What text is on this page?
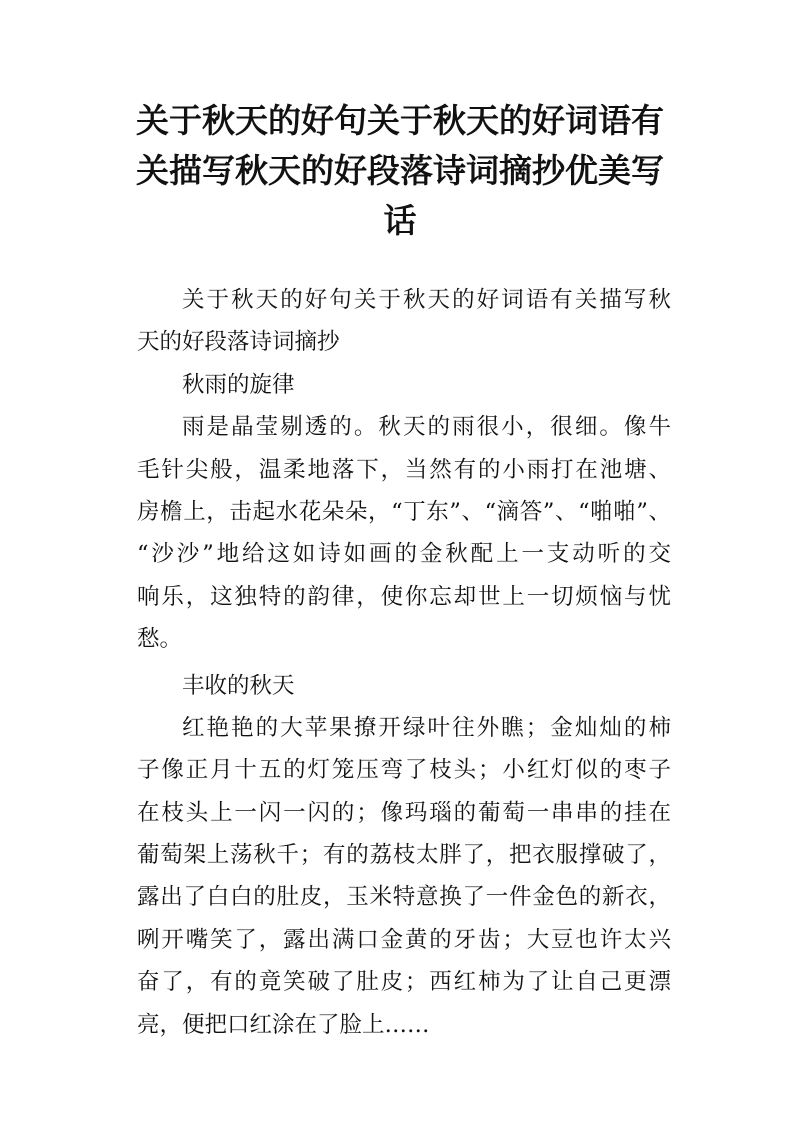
关于秋天的好句关于秋天的好词语有
关描写秋天的好段落诗词摘抄优美写
话
关于秋天的好句关于秋天的好词语有关描写秋
天的好段落诗词摘抄
秋雨的旋律
雨是晶莹剔透的。秋天的雨很小，很细。像牛
毛针尖般，温柔地落下，当然有的小雨打在池塘、
房檐上，击起水花朵朵，“丁东”、“滴答”、“啪啪”、
“沙沙”地给这如诗如画的金秋配上一支动听的交
响乐，这独特的韵律，使你忘却世上一切烦恼与忧
愁。
丰收的秋天
红艳艳的大苹果撩开绿叶往外瞧；金灿灿的柿
子像正月十五的灯笼压弯了枝头；小红灯似的枣子
在枝头上一闪一闪的；像玛瑙的葡萄一串串的挂在
葡萄架上荡秋千；有的荔枝太胖了，把衣服撑破了，
露出了白白的肚皮，玉米特意换了一件金色的新衣，
咧开嘴笑了，露出满口金黄的牙齿；大豆也许太兴
奋了，有的竟笑破了肚皮；西红柿为了让自己更漂
亮，便把口红涂在了脸上……
